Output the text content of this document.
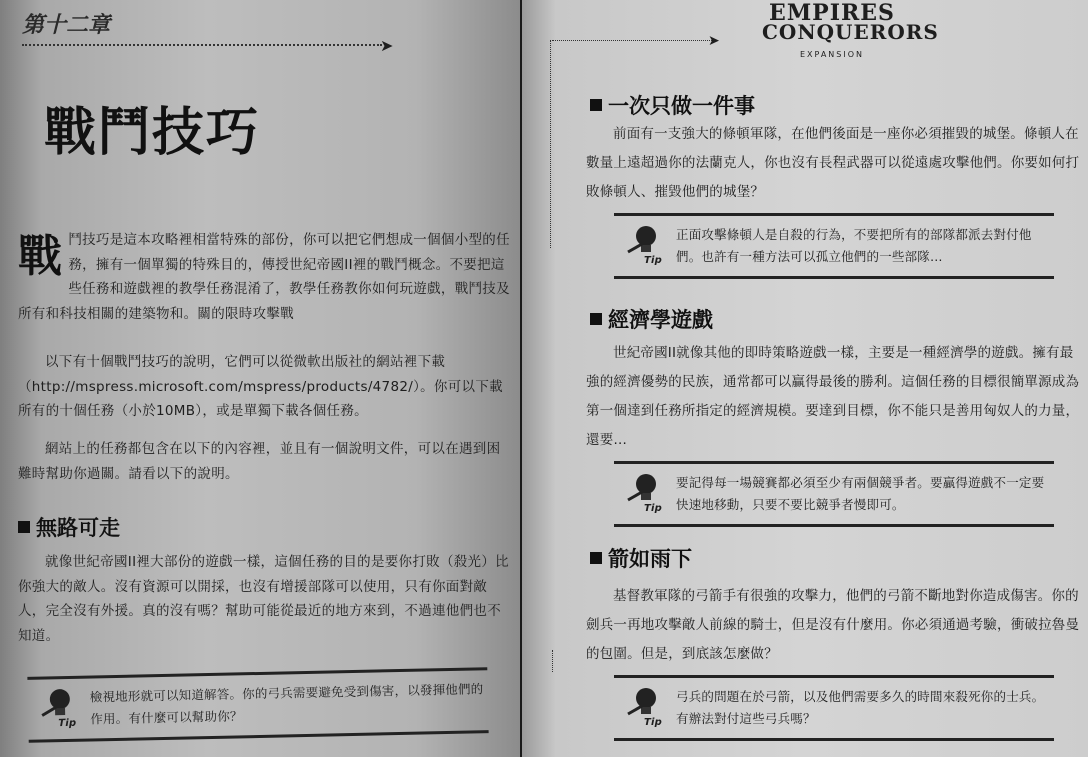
第十二章
➤
戰鬥技巧
戰鬥技巧是這本攻略裡相當特殊的部份，你可以把它們想成一個個小型的任務，擁有一個單獨的特殊目的，傳授世紀帝國II裡的戰鬥概念。不要把這些任務和遊戲裡的教學任務混淆了，教學任務教你如何玩遊戲，戰鬥技及所有和科技相關的建築物和。關的限時攻擊戰
以下有十個戰鬥技巧的說明，它們可以從微軟出版社的網站裡下載（http://mspress.microsoft.com/mspress/products/4782/）。你可以下載所有的十個任務（小於10MB），或是單獨下載各個任務。
網站上的任務都包含在以下的內容裡，並且有一個說明文件，可以在遇到困難時幫助你過關。請看以下的說明。
無路可走
就像世紀帝國II裡大部份的遊戲一樣，這個任務的目的是要你打敗（殺光）比你強大的敵人。沒有資源可以開採，也沒有增援部隊可以使用，只有你面對敵人，完全沒有外援。真的沒有嗎？幫助可能從最近的地方來到，不過連他們也不知道。
Tip
檢視地形就可以知道解答。你的弓兵需要避免受到傷害，以發揮他們的作用。有什麼可以幫助你？
➤
EMPIRES
CONQUERORS
EXPANSION
一次只做一件事
前面有一支強大的條頓軍隊，在他們後面是一座你必須摧毀的城堡。條頓人在數量上遠超過你的法蘭克人，你也沒有長程武器可以從遠處攻擊他們。你要如何打敗條頓人、摧毀他們的城堡？
Tip
正面攻擊條頓人是自殺的行為，不要把所有的部隊都派去對付他們。也許有一種方法可以孤立他們的一些部隊…
經濟學遊戲
世紀帝國II就像其他的即時策略遊戲一樣，主要是一種經濟學的遊戲。擁有最強的經濟優勢的民族，通常都可以贏得最後的勝利。這個任務的目標很簡單源成為第一個達到任務所指定的經濟規模。要達到目標，你不能只是善用匈奴人的力量，還要…
Tip
要記得每一場競賽都必須至少有兩個競爭者。要贏得遊戲不一定要快速地移動，只要不要比競爭者慢即可。
箭如雨下
基督教軍隊的弓箭手有很強的攻擊力，他們的弓箭不斷地對你造成傷害。你的劍兵一再地攻擊敵人前線的騎士，但是沒有什麼用。你必須通過考驗，衝破拉魯曼的包圍。但是，到底該怎麼做？
Tip
弓兵的問題在於弓箭，以及他們需要多久的時間來殺死你的士兵。有辦法對付這些弓兵嗎？
